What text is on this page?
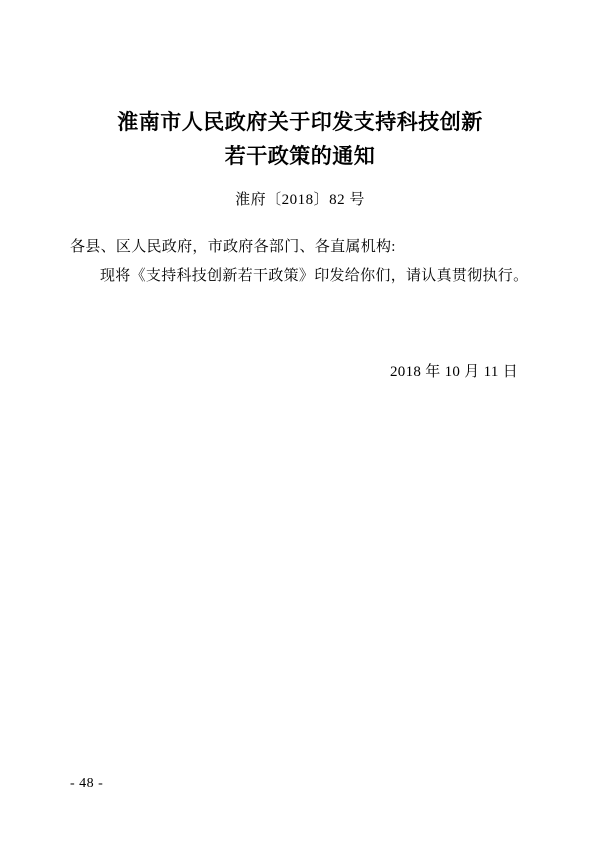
淮南市人民政府关于印发支持科技创新
若干政策的通知

淮府〔2018〕82 号

各县、区人民政府，市政府各部门、各直属机构:

现将《支持科技创新若干政策》印发给你们，请认真贯彻执行。

2018 年 10 月 11 日

- 48 -
